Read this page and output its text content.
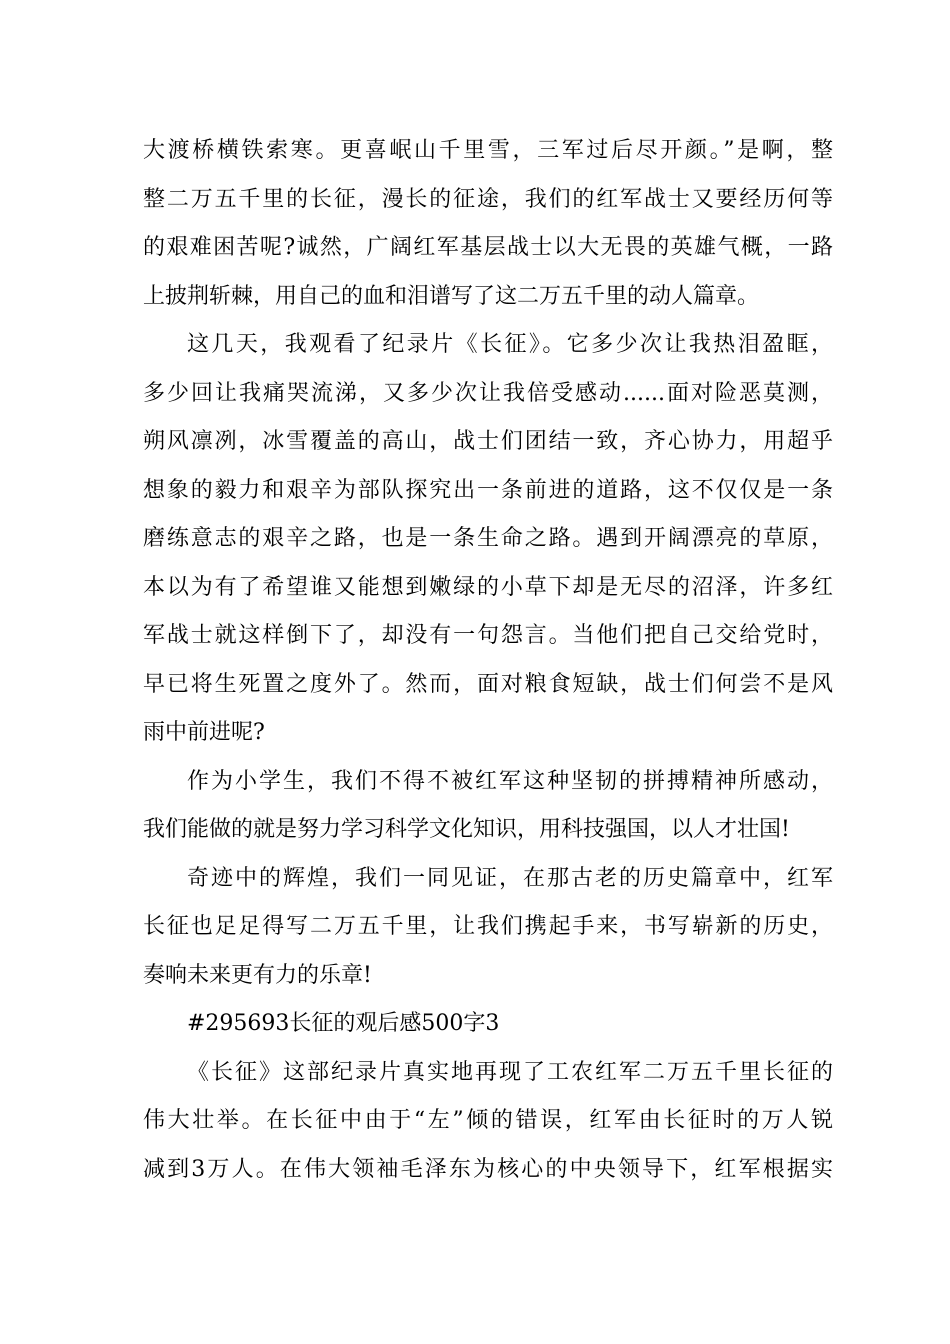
大渡桥横铁索寒。更喜岷山千里雪，三军过后尽开颜。”是啊，整
整二万五千里的长征，漫长的征途，我们的红军战士又要经历何等
的艰难困苦呢?诚然，广阔红军基层战士以大无畏的英雄气概，一路
上披荆斩棘，用自己的血和泪谱写了这二万五千里的动人篇章。
这几天，我观看了纪录片《长征》。它多少次让我热泪盈眶，
多少回让我痛哭流涕，又多少次让我倍受感动......面对险恶莫测，
朔风凛冽，冰雪覆盖的高山，战士们团结一致，齐心协力，用超乎
想象的毅力和艰辛为部队探究出一条前进的道路，这不仅仅是一条
磨练意志的艰辛之路，也是一条生命之路。遇到开阔漂亮的草原，
本以为有了希望谁又能想到嫩绿的小草下却是无尽的沼泽，许多红
军战士就这样倒下了，却没有一句怨言。当他们把自己交给党时，
早已将生死置之度外了。然而，面对粮食短缺，战士们何尝不是风
雨中前进呢?
作为小学生，我们不得不被红军这种坚韧的拼搏精神所感动，
我们能做的就是努力学习科学文化知识，用科技强国，以人才壮国!
奇迹中的辉煌，我们一同见证，在那古老的历史篇章中，红军
长征也足足得写二万五千里，让我们携起手来，书写崭新的历史，
奏响未来更有力的乐章!
#295693长征的观后感500字3
《长征》这部纪录片真实地再现了工农红军二万五千里长征的
伟大壮举。在长征中由于“左”倾的错误，红军由长征时的万人锐
减到3万人。在伟大领袖毛泽东为核心的中央领导下，红军根据实
